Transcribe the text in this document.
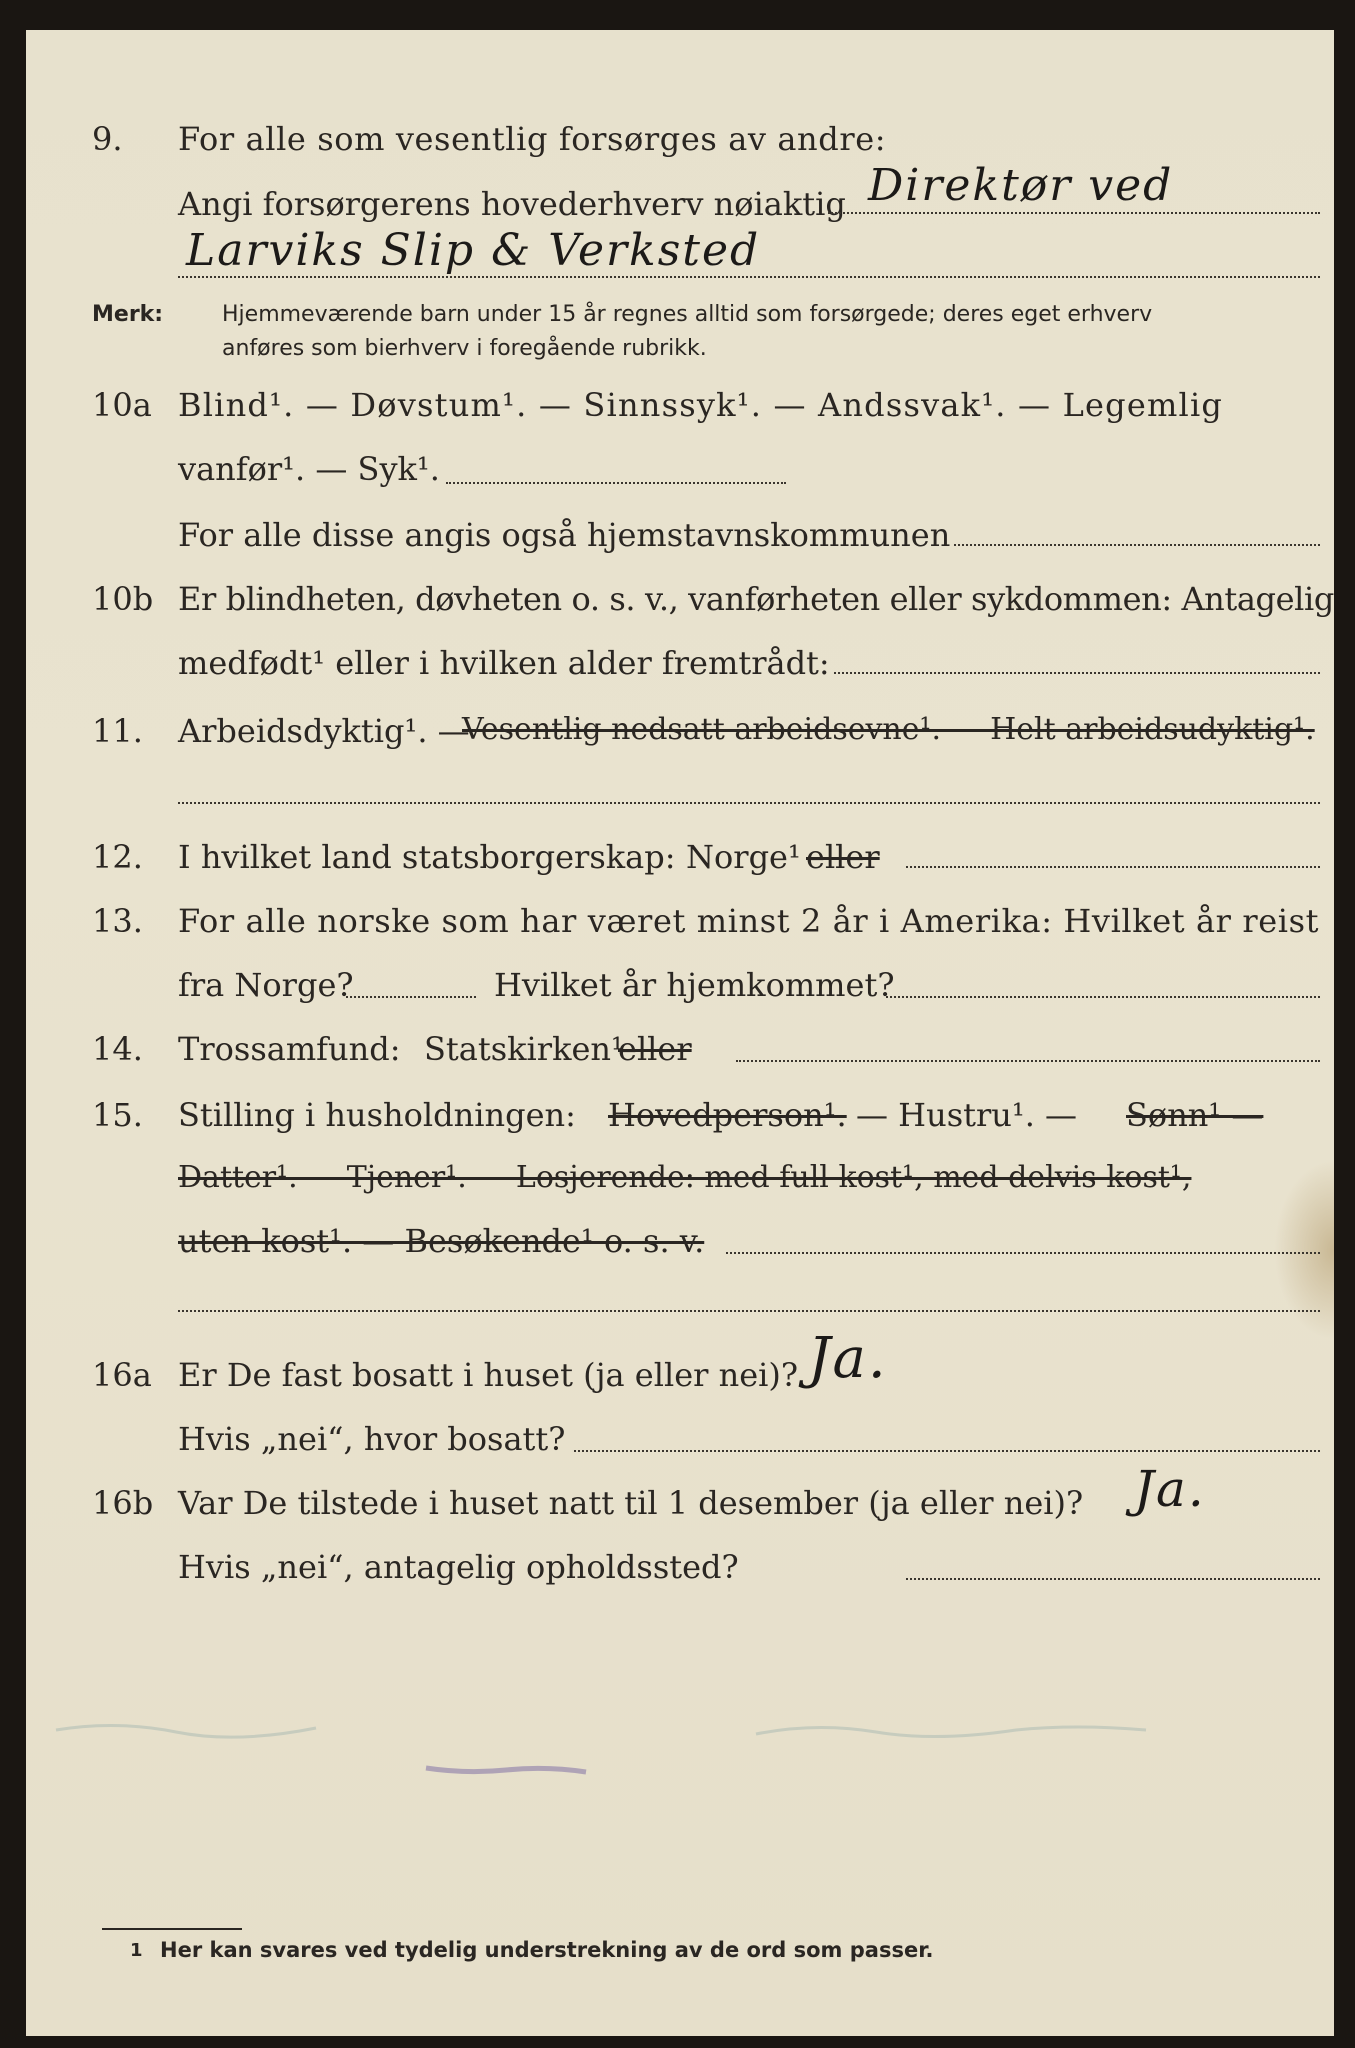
9. For alle som vesentlig forsørges av andre:
Angi forsørgerens hovederhverv nøiaktig Direktør ved
Larviks Slip & Verksted
Merk:	Hjemmeværende barn under 15 år regnes alltid som forsørgede; deres eget erhverv
anføres som bierhverv i foregående rubrikk.
10a Blind¹. — Døvstum¹. — Sinnssyk¹. — Andssvak¹. — Legemlig
vanfør¹. — Syk¹.
For alle disse angis også hjemstavnskommunen
10b Er blindheten, døvheten o. s. v., vanførheten eller sykdommen: Antagelig
medfødt¹ eller i hvilken alder fremtrådt:
11. Arbeidsdyktig¹. —
Vesentlig nedsatt arbeidsevne¹. — Helt arbeidsudyktig¹.
12. I hvilket land statsborgerskap: Norge¹ eller
13. For alle norske som har været minst 2 år i Amerika: Hvilket år reist
fra Norge?	Hvilket år hjemkommet?
14. Trossamfund: Statskirken¹
eller
15. Stilling i husholdningen: Hovedperson¹. — Hustru¹. — Sønn¹ —
Datter¹. — Tjener¹. — Losjerende: med full kost¹, med delvis kost¹,
uten kost¹. — Besøkende¹ o. s. v.
16a Er De fast bosatt i huset (ja eller nei)? Ja.
Hvis „nei“, hvor bosatt?
16b Var De tilstede i huset natt til 1 desember (ja eller nei)? Ja.
Hvis „nei“, antagelig opholdssted?
1 Her kan svares ved tydelig understrekning av de ord som passer.
